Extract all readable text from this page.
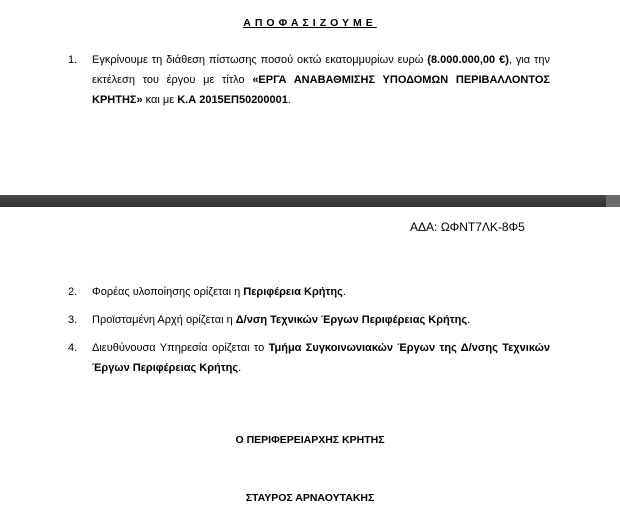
ΑΠΟΦΑΣΙΖΟΥΜΕ
1. Εγκρίνουμε τη διάθεση πίστωσης ποσού οκτώ εκατομμυρίων ευρώ (8.000.000,00 €), για την εκτέλεση του έργου με τίτλο «ΕΡΓΑ ΑΝΑΒΑΘΜΙΣΗΣ ΥΠΟΔΟΜΩΝ ΠΕΡΙΒΑΛΛΟΝΤΟΣ ΚΡΗΤΗΣ» και με Κ.Α 2015ΕΠ50200001.
ΑΔΑ: ΩΦΝΤ7ΛΚ-8Φ5
2. Φορέας υλοποίησης ορίζεται η Περιφέρεια Κρήτης.
3. Προϊσταμένη Αρχή ορίζεται η Δ/νση Τεχνικών Έργων Περιφέρειας Κρήτης.
4. Διευθύνουσα Υπηρεσία ορίζεται το Τμήμα Συγκοινωνιακών Έργων της Δ/νσης Τεχνικών Έργων Περιφέρειας Κρήτης.
Ο ΠΕΡΙΦΕΡΕΙΑΡΧΗΣ ΚΡΗΤΗΣ
ΣΤΑΥΡΟΣ ΑΡΝΑΟΥΤΑΚΗΣ
